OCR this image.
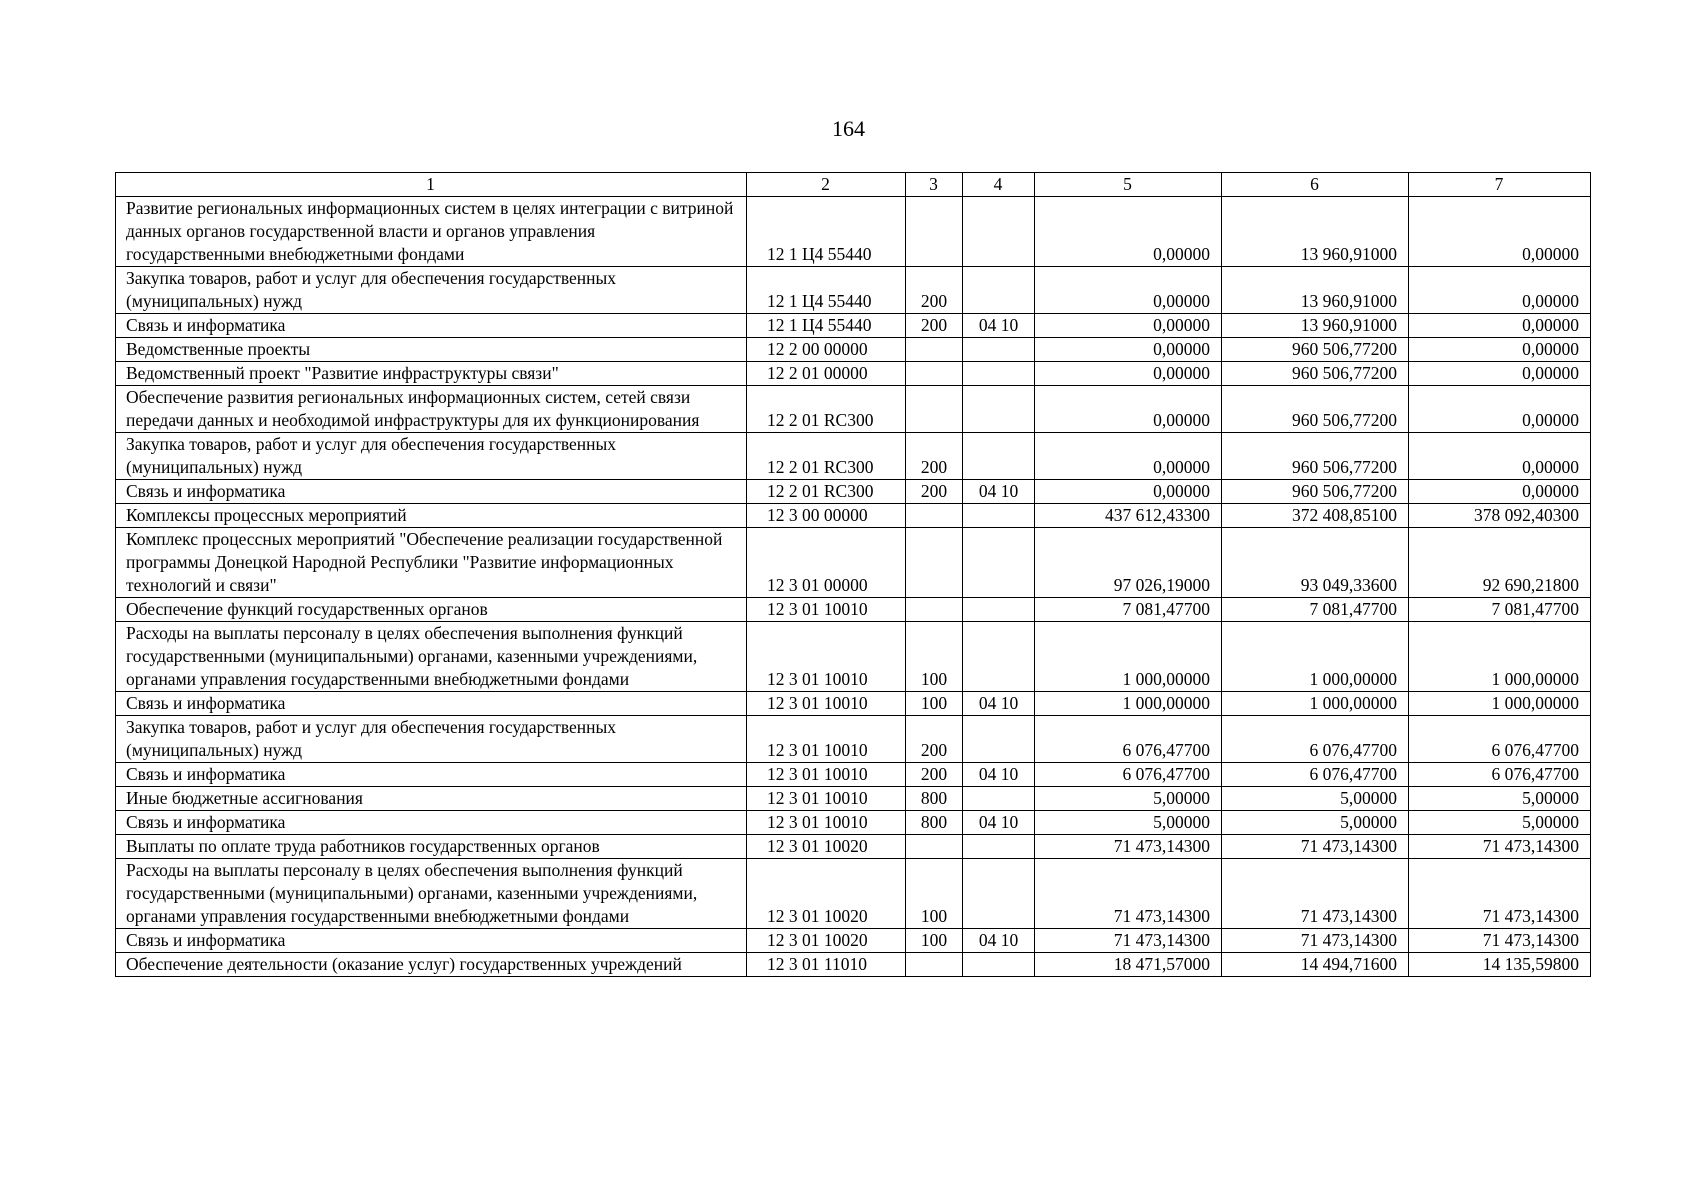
164
1	2	3	4	5	6	7
Развитие региональных информационных систем в целях интеграции с витриной данных органов государственной власти и органов управления государственными внебюджетными фондами	12 1 Ц4 55440			0,00000	13 960,91000	0,00000
Закупка товаров, работ и услуг для обеспечения государственных (муниципальных) нужд	12 1 Ц4 55440	200		0,00000	13 960,91000	0,00000
Связь и информатика	12 1 Ц4 55440	200	04 10	0,00000	13 960,91000	0,00000
Ведомственные проекты	12 2 00 00000			0,00000	960 506,77200	0,00000
Ведомственный проект "Развитие инфраструктуры связи"	12 2 01 00000			0,00000	960 506,77200	0,00000
Обеспечение развития региональных информационных систем, сетей связи передачи данных и необходимой инфраструктуры для их функционирования	12 2 01 RC300			0,00000	960 506,77200	0,00000
Закупка товаров, работ и услуг для обеспечения государственных (муниципальных) нужд	12 2 01 RC300	200		0,00000	960 506,77200	0,00000
Связь и информатика	12 2 01 RC300	200	04 10	0,00000	960 506,77200	0,00000
Комплексы процессных мероприятий	12 3 00 00000			437 612,43300	372 408,85100	378 092,40300
Комплекс процессных мероприятий "Обеспечение реализации государственной программы Донецкой Народной Республики "Развитие информационных технологий и связи"	12 3 01 00000			97 026,19000	93 049,33600	92 690,21800
Обеспечение функций государственных органов	12 3 01 10010			7 081,47700	7 081,47700	7 081,47700
Расходы на выплаты персоналу в целях обеспечения выполнения функций государственными (муниципальными) органами, казенными учреждениями, органами управления государственными внебюджетными фондами	12 3 01 10010	100		1 000,00000	1 000,00000	1 000,00000
Связь и информатика	12 3 01 10010	100	04 10	1 000,00000	1 000,00000	1 000,00000
Закупка товаров, работ и услуг для обеспечения государственных (муниципальных) нужд	12 3 01 10010	200		6 076,47700	6 076,47700	6 076,47700
Связь и информатика	12 3 01 10010	200	04 10	6 076,47700	6 076,47700	6 076,47700
Иные бюджетные ассигнования	12 3 01 10010	800		5,00000	5,00000	5,00000
Связь и информатика	12 3 01 10010	800	04 10	5,00000	5,00000	5,00000
Выплаты по оплате труда работников государственных органов	12 3 01 10020			71 473,14300	71 473,14300	71 473,14300
Расходы на выплаты персоналу в целях обеспечения выполнения функций государственными (муниципальными) органами, казенными учреждениями, органами управления государственными внебюджетными фондами	12 3 01 10020	100		71 473,14300	71 473,14300	71 473,14300
Связь и информатика	12 3 01 10020	100	04 10	71 473,14300	71 473,14300	71 473,14300
Обеспечение деятельности (оказание услуг) государственных учреждений	12 3 01 11010			18 471,57000	14 494,71600	14 135,59800
